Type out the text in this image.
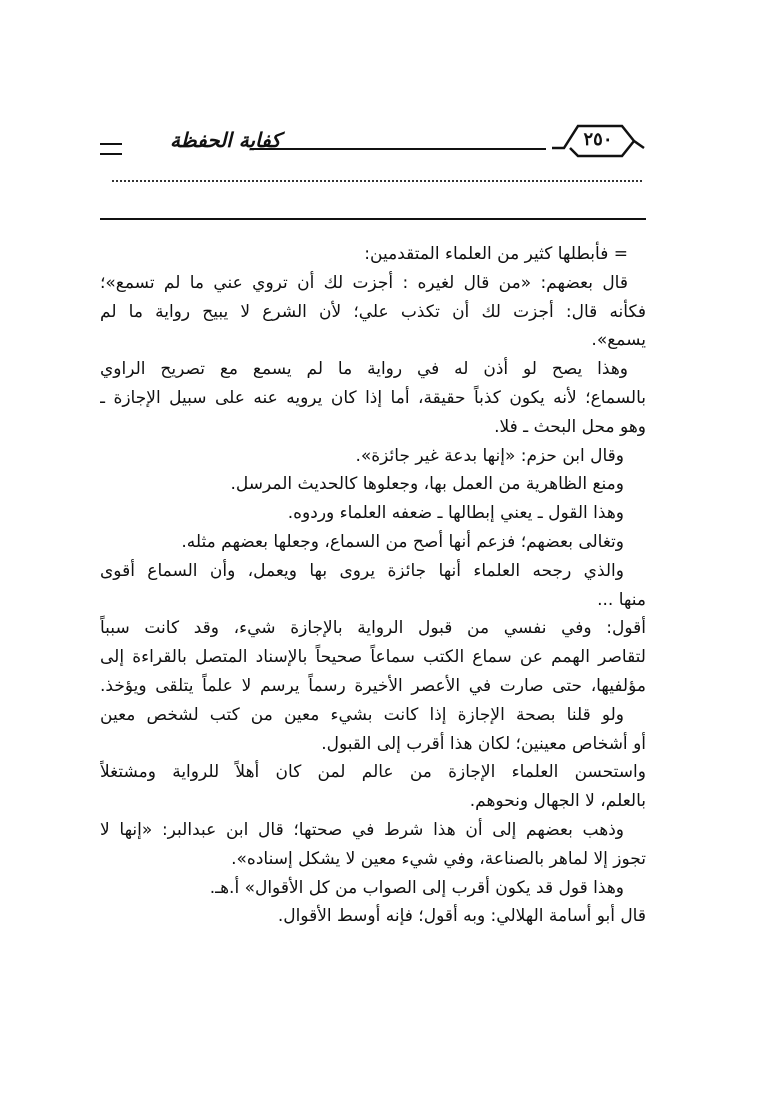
كفاية الحفظة	٢٥٠
= فأبطلها كثير من العلماء المتقدمين:
قال بعضهم: «من قال لغيره : أجزت لك أن تروي عني ما لم تسمع»؛
فكأنه قال: أجزت لك أن تكذب علي؛ لأن الشرع لا يبيح رواية ما لم
يسمع».
وهذا يصح لو أذن له في رواية ما لم يسمع مع تصريح الراوي
بالسماع؛ لأنه يكون كذباً حقيقة، أما إذا كان يرويه عنه على سبيل الإجازة ـ
وهو محل البحث ـ فلا.
وقال ابن حزم: «إنها بدعة غير جائزة».
ومنع الظاهرية من العمل بها، وجعلوها كالحديث المرسل.
وهذا القول ـ يعني إبطالها ـ ضعفه العلماء وردوه.
وتغالى بعضهم؛ فزعم أنها أصح من السماع، وجعلها بعضهم مثله.
والذي رجحه العلماء أنها جائزة يروى بها ويعمل، وأن السماع أقوى
منها ...
أقول: وفي نفسي من قبول الرواية بالإجازة شيء، وقد كانت سبباً
لتقاصر الهمم عن سماع الكتب سماعاً صحيحاً بالإسناد المتصل بالقراءة إلى
مؤلفيها، حتى صارت في الأعصر الأخيرة رسماً يرسم لا علماً يتلقى ويؤخذ.
ولو قلنا بصحة الإجازة إذا كانت بشيء معين من كتب لشخص معين
أو أشخاص معينين؛ لكان هذا أقرب إلى القبول.
واستحسن العلماء الإجازة من عالم لمن كان أهلاً للرواية ومشتغلاً
بالعلم، لا الجهال ونحوهم.
وذهب بعضهم إلى أن هذا شرط في صحتها؛ قال ابن عبدالبر: «إنها لا
تجوز إلا لماهر بالصناعة، وفي شيء معين لا يشكل إسناده».
وهذا قول قد يكون أقرب إلى الصواب من كل الأقوال» أ.هـ.
قال أبو أسامة الهلالي: وبه أقول؛ فإنه أوسط الأقوال.
